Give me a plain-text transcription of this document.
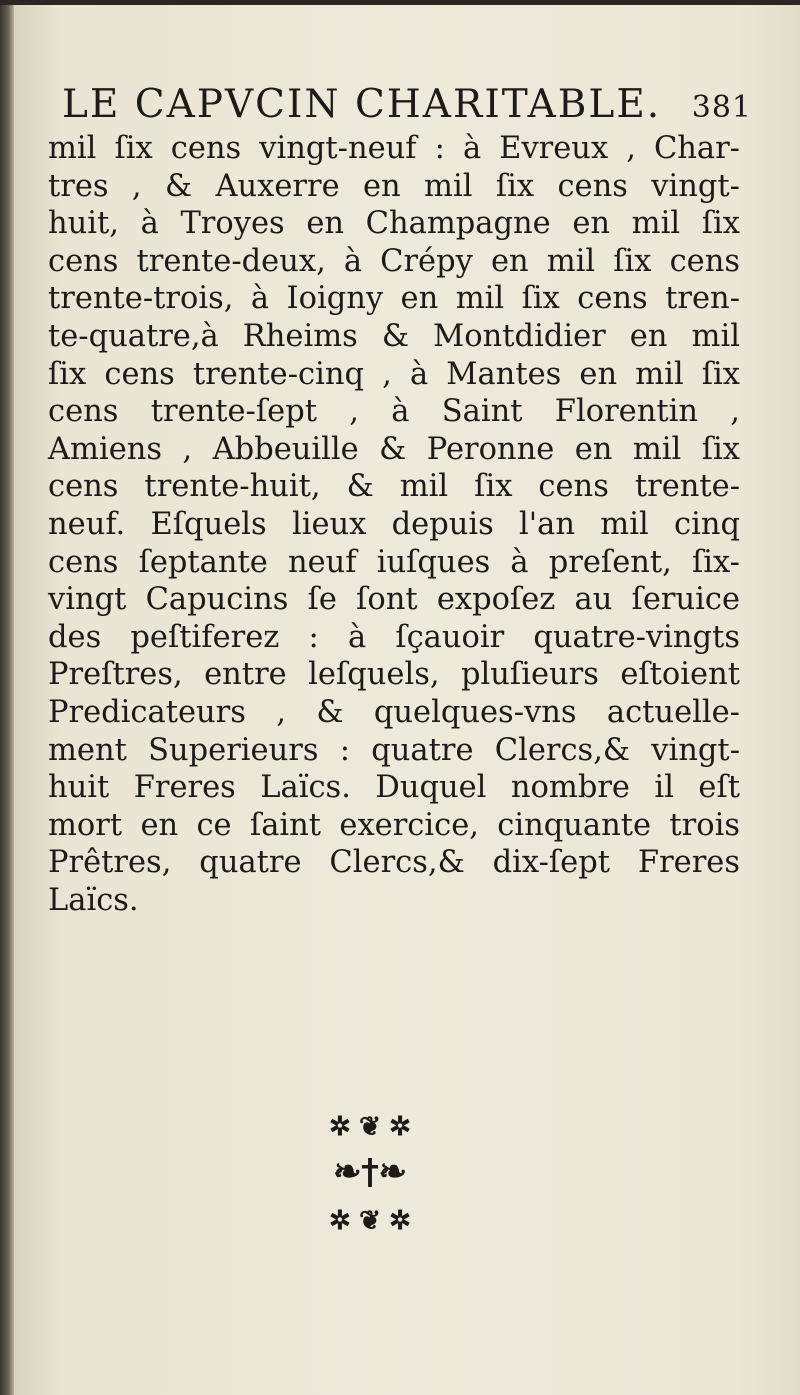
LE CAPVCIN CHARITABLE. 381
mil ſix cens vingt-neuf : à Evreux , Char-
tres , & Auxerre en mil ſix cens vingt-
huit, à Troyes en Champagne en mil ſix
cens trente-deux, à Crépy en mil ſix cens
trente-trois, à Ioigny en mil ſix cens tren-
te-quatre,à Rheims & Montdidier en mil
ſix cens trente-cinq , à Mantes en mil ſix
cens trente-ſept , à Saint Florentin ,
Amiens , Abbeuille & Peronne en mil ſix
cens trente-huit, & mil ſix cens trente-
neuf. Eſquels lieux depuis l'an mil cinq
cens ſeptante neuf iuſques à preſent, ſix-
vingt Capucins ſe ſont expoſez au ſeruice
des peſtiferez : à ſçauoir quatre-vingts
Preſtres, entre leſquels, pluſieurs eſtoient
Predicateurs , & quelques-vns actuelle-
ment Superieurs : quatre Clercs,& vingt-
huit Freres Laïcs. Duquel nombre il eſt
mort en ce ſaint exercice, cinquante trois
Prêtres, quatre Clercs,& dix-ſept Freres
Laïcs.
✲ ❦ ✲
❧†❧
✲ ❦ ✲
